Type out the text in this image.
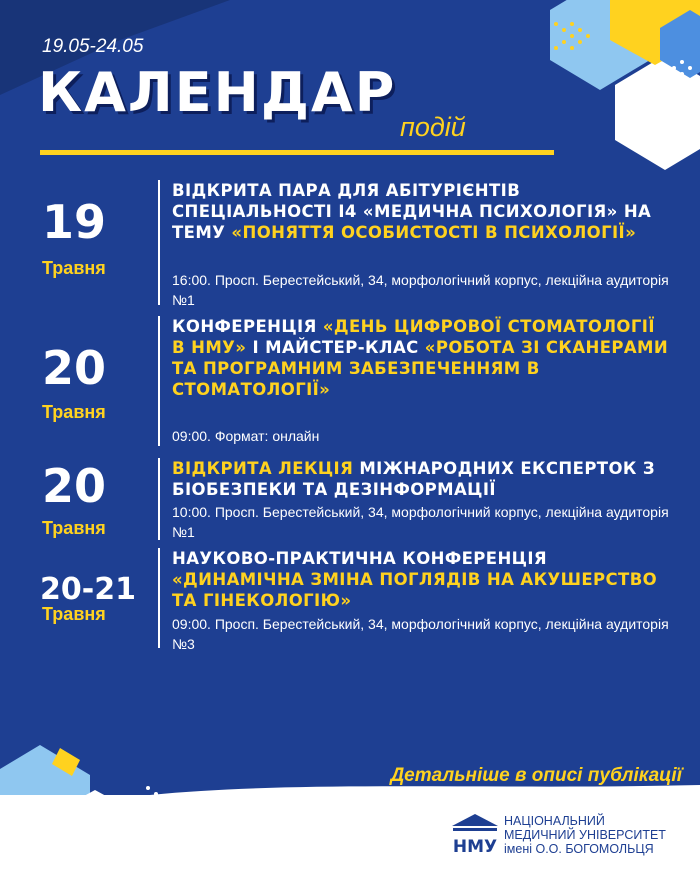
19.05-24.05
КАЛЕНДАР
подій
19
Травня
ВІДКРИТА ПАРА ДЛЯ АБІТУРІЄНТІВ СПЕЦІАЛЬНОСТІ І4 «МЕДИЧНА ПСИХОЛОГІЯ» НА ТЕМУ «ПОНЯТТЯ ОСОБИСТОСТІ В ПСИХОЛОГІЇ»
16:00. Просп. Берестейський, 34, морфологічний корпус, лекційна аудиторія №1
20
Травня
КОНФЕРЕНЦІЯ «ДЕНЬ ЦИФРОВОЇ СТОМАТОЛОГІЇ В НМУ» І МАЙСТЕР-КЛАС «РОБОТА ЗІ СКАНЕРАМИ ТА ПРОГРАМНИМ ЗАБЕЗПЕЧЕННЯМ В СТОМАТОЛОГІЇ»
09:00. Формат: онлайн
20
Травня
ВІДКРИТА ЛЕКЦІЯ МІЖНАРОДНИХ ЕКСПЕРТОК З БІОБЕЗПЕКИ ТА ДЕЗІНФОРМАЦІЇ
10:00. Просп. Берестейський, 34, морфологічний корпус, лекційна аудиторія №1
20-21
Травня
НАУКОВО-ПРАКТИЧНА КОНФЕРЕНЦІЯ «ДИНАМІЧНА ЗМІНА ПОГЛЯДІВ НА АКУШЕРСТВО ТА ГІНЕКОЛОГІЮ»
09:00. Просп. Берестейський, 34, морфологічний корпус, лекційна аудиторія №3
Детальніше в описі публікації
НМУ
НАЦІОНАЛЬНИЙ
МЕДИЧНИЙ УНІВЕРСИТЕТ
імені О.О. БОГОМОЛЬЦЯ
